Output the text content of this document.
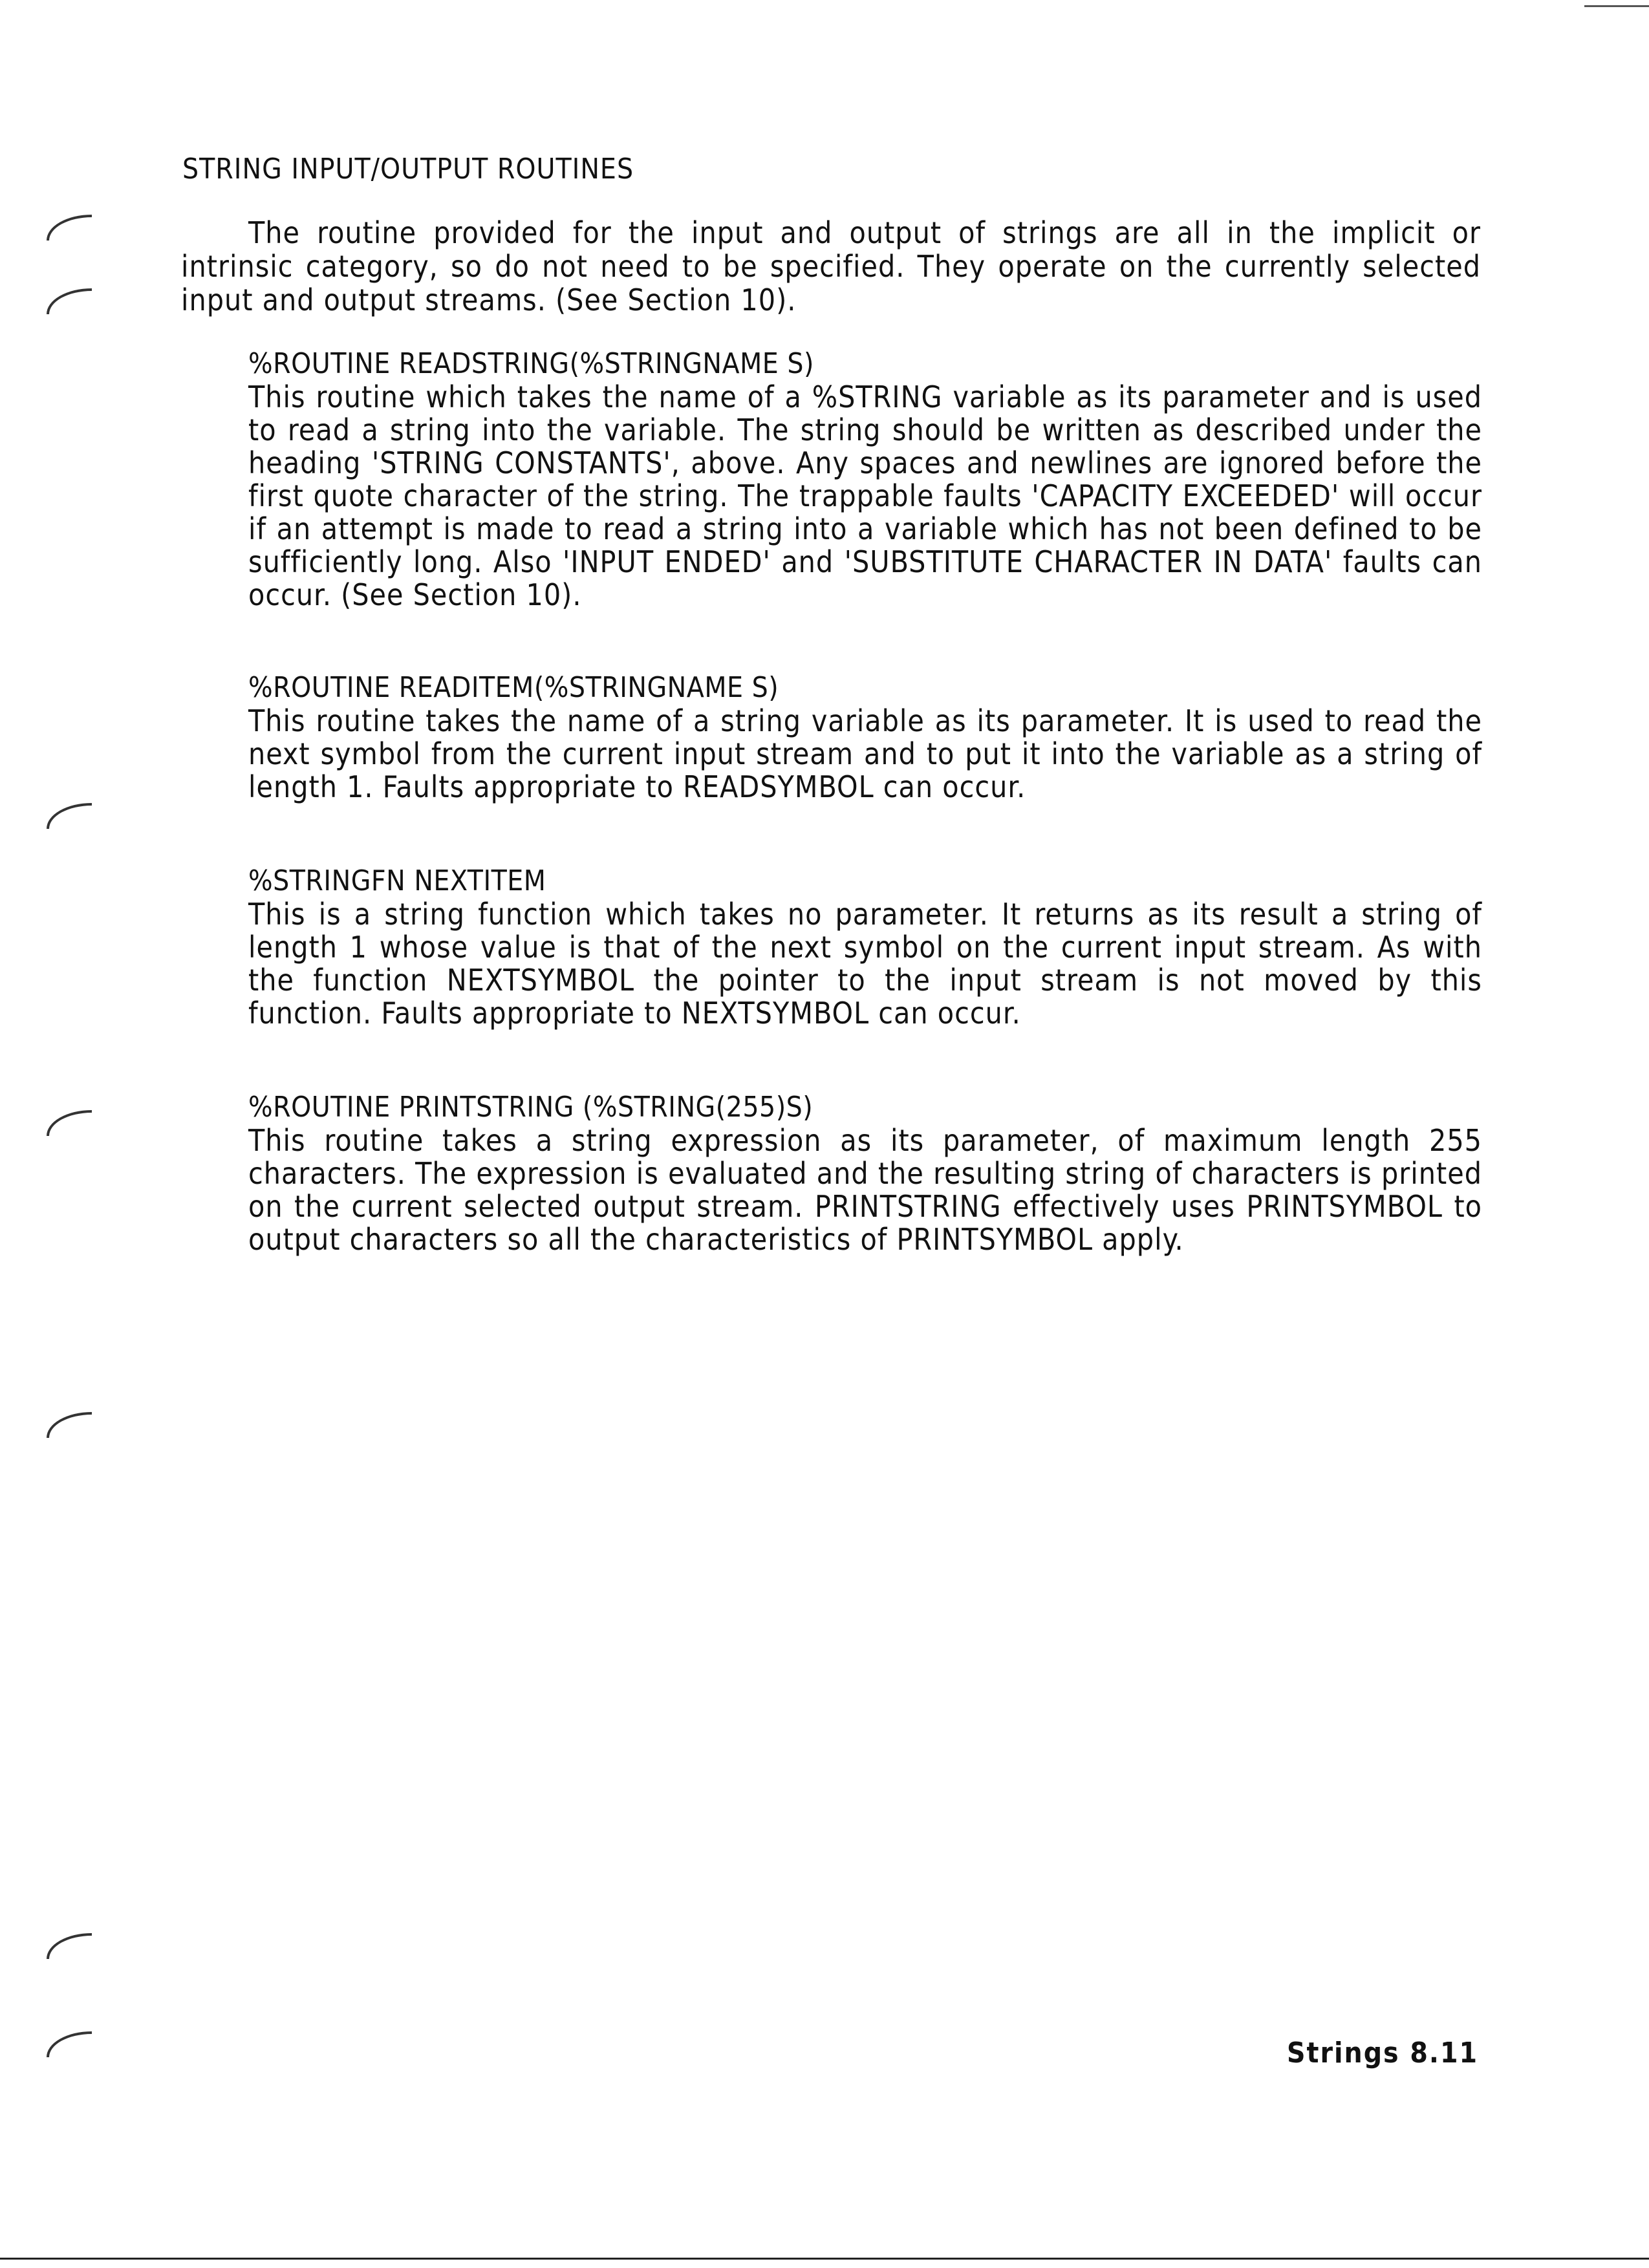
STRING INPUT/OUTPUT ROUTINES

The routine provided for the input and output of strings are all in the implicit or intrinsic category, so do not need to be specified. They operate on the currently selected input and output streams. (See Section 10).

%ROUTINE READSTRING(%STRINGNAME S)

This routine which takes the name of a %STRING variable as its parameter and is used to read a string into the variable. The string should be written as described under the heading 'STRING CONSTANTS', above. Any spaces and newlines are ignored before the first quote character of the string. The trappable faults 'CAPACITY EXCEEDED' will occur if an attempt is made to read a string into a variable which has not been defined to be sufficiently long. Also 'INPUT ENDED' and 'SUBSTITUTE CHARACTER IN DATA' faults can occur. (See Section 10).

%ROUTINE READITEM(%STRINGNAME S)

This routine takes the name of a string variable as its parameter. It is used to read the next symbol from the current input stream and to put it into the variable as a string of length 1. Faults appropriate to READSYMBOL can occur.

%STRINGFN NEXTITEM

This is a string function which takes no parameter. It returns as its result a string of length 1 whose value is that of the next symbol on the current input stream. As with the function NEXTSYMBOL the pointer to the input stream is not moved by this function. Faults appropriate to NEXTSYMBOL can occur.

%ROUTINE PRINTSTRING (%STRING(255)S)

This routine takes a string expression as its parameter, of maximum length 255 characters. The expression is evaluated and the resulting string of characters is printed on the current selected output stream. PRINTSTRING effectively uses PRINTSYMBOL to output characters so all the characteristics of PRINTSYMBOL apply.

Strings 8.11
